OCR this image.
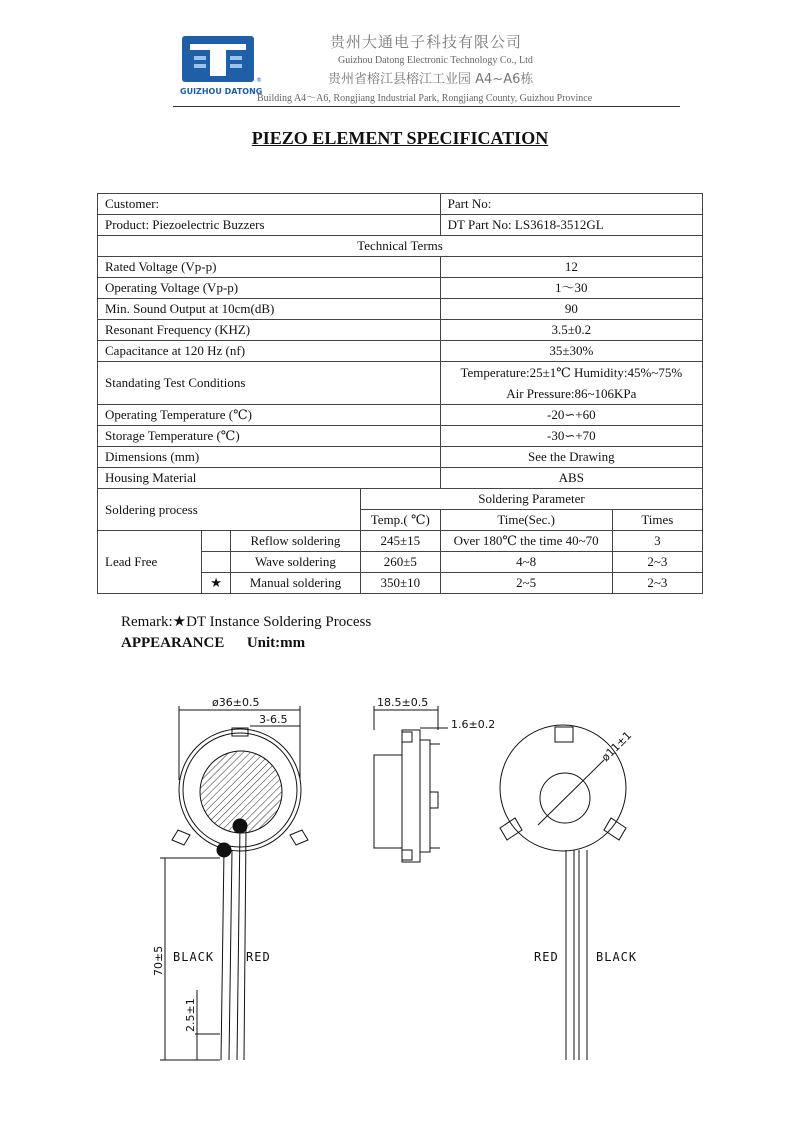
®
GUIZHOU DATONG
贵州大通电子科技有限公司
Guizhou Datong Electronic Technology Co., Ltd
贵州省榕江县榕江工业园 A4~A6栋
Building A4～A6, Rongjiang Industrial Park, Rongjiang County, Guizhou Province
PIEZO ELEMENT SPECIFICATION
Customer:				Part No:	
Product: Piezoelectric Buzzers				DT Part No: LS3618-3512GL	
Technical Terms					
Rated Voltage (Vp-p)				12	
Operating Voltage (Vp-p)				1～30	
Min. Sound Output at 10cm(dB)				90	
Resonant Frequency (KHZ)				3.5±0.2	
Capacitance at 120 Hz (nf)				35±30%	
Standating Test Conditions				Temperature:25±1℃ Humidity:45%~75%
Air Pressure:86~106KPa	

Operating Temperature (℃)				-20∽+60	
Storage Temperature (℃)				-30∽+70	
Dimensions (mm)				See the Drawing	
Housing Material				ABS	
Soldering process			Soldering Parameter		
			Temp.( ℃)	Time(Sec.)	Times
Lead Free		Reflow soldering	245±15	Over 180℃ the time 40~70	3
		Wave soldering	260±5	4~8	2~3
	★	Manual soldering	350±10	2~5	2~3
Remark:★DT Instance Soldering Process
APPEARANCE      Unit:mm
ø36±0.5
3-6.5
70±5
2.5±1
BLACK	RED
18.5±0.5
1.6±0.2
ø11±1
RED	BLACK
